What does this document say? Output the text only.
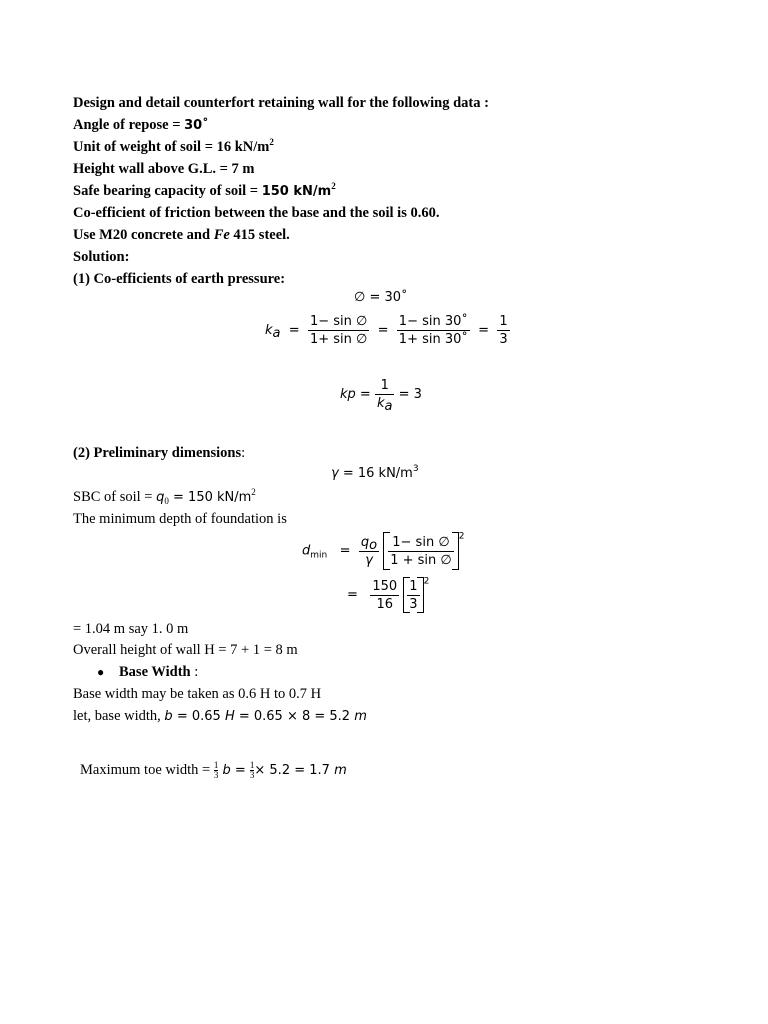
Design and detail counterfort retaining wall for the following data :
Angle of repose = 30˚
Unit of weight of soil = 16 $kN/m^2$
Height wall above G.L. = 7 m
Safe bearing capacity of soil = 150 $kN/m^2$
Co-efficient of friction between the base and the soil is 0.60.
Use M20 concrete and Fe 415 steel.
Solution:
(1) Co-efficients of earth pressure:
∅ = 30˚
$k_a = \frac{1- \sin \emptyset}{1+ \sin \emptyset} = \frac{1- \sin 30˚}{1+ \sin 30˚} = \frac{1}{3}$
kp = $\frac{1}{k_a} = 3$
(2) Preliminary dimensions:
γ = 16 $kN/m^3$
SBC of soil = $q_0 = 150$ $kN/m^2$
The minimum depth of foundation is
$d_{min} = \frac{q_o}{\gamma}$
$\frac{1- \sin \emptyset}{1 + \sin \emptyset} ^2$
= $\frac{150}{16}$
$\frac{1}{3} ^2$
= 1.04 m say 1. 0 m
Overall height of wall H = 7 + 1 = 8 m
● Base Width :
Base width may be taken as 0.6 H to 0.7 H
let, base width, b = 0.65 H = 0.65 × 8 = 5.2 m
Maximum toe width = $\frac{1}{3}$ $b = \frac{1}{3}\times 5.2 = 1.7$ m
